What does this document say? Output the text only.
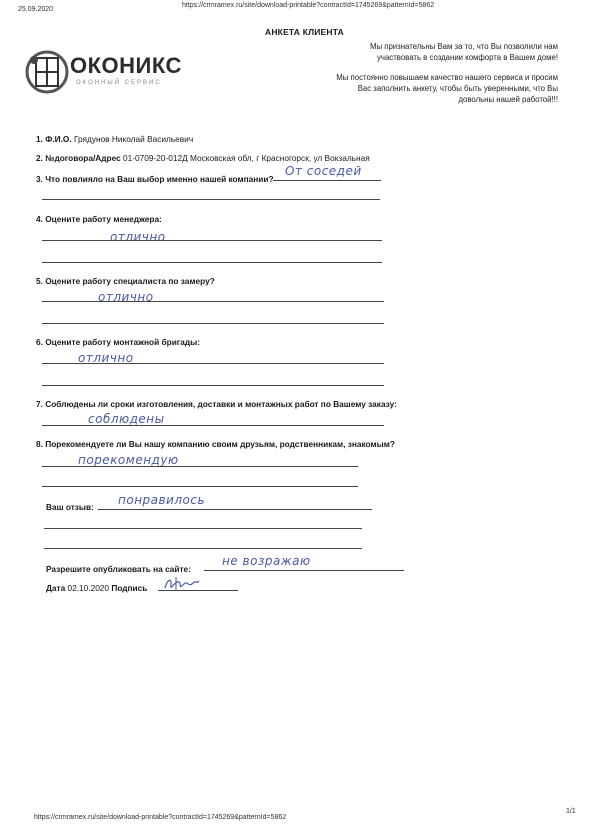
25.09.2020
https://crmramex.ru/site/download-printable?contractId=1745269&patternId=5862
АНКЕТА КЛИЕНТА
ОКОНИКС
ОКОННЫЙ СЕРВИС
Мы признательны Вам за то, что Вы позволили нам
участвовать в создании комфорта в Вашем доме!
Мы постоянно повышаем качество нашего сервиса и просим
Вас заполнить анкету, чтобы быть уверенными, что Вы
довольны нашей работой!!!
1. Ф.И.О. Грядунов Николай Васильевич
2. №договора/Адрес 01-0709-20-012Д Московская обл, г Красногорск, ул Вокзальная
3. Что повлияло на Ваш выбор именно нашей компании?
От соседей
4. Оцените работу менеджера:
отлично
5. Оцените работу специалиста по замеру?
отлично
6. Оцените работу монтажной бригады:
отлично
7. Соблюдены ли сроки изготовления, доставки и монтажных работ по Вашему заказу:
соблюдены
8. Порекомендуете ли Вы нашу компанию своим друзьям, родственникам, знакомым?
порекомендую
Ваш отзыв: понравилось
Разрешите опубликовать на сайте:
не возражаю
Дата 02.10.2020 Подпись
https://crmramex.ru/site/download-printable?contractId=1745269&patternId=5862
1/1
